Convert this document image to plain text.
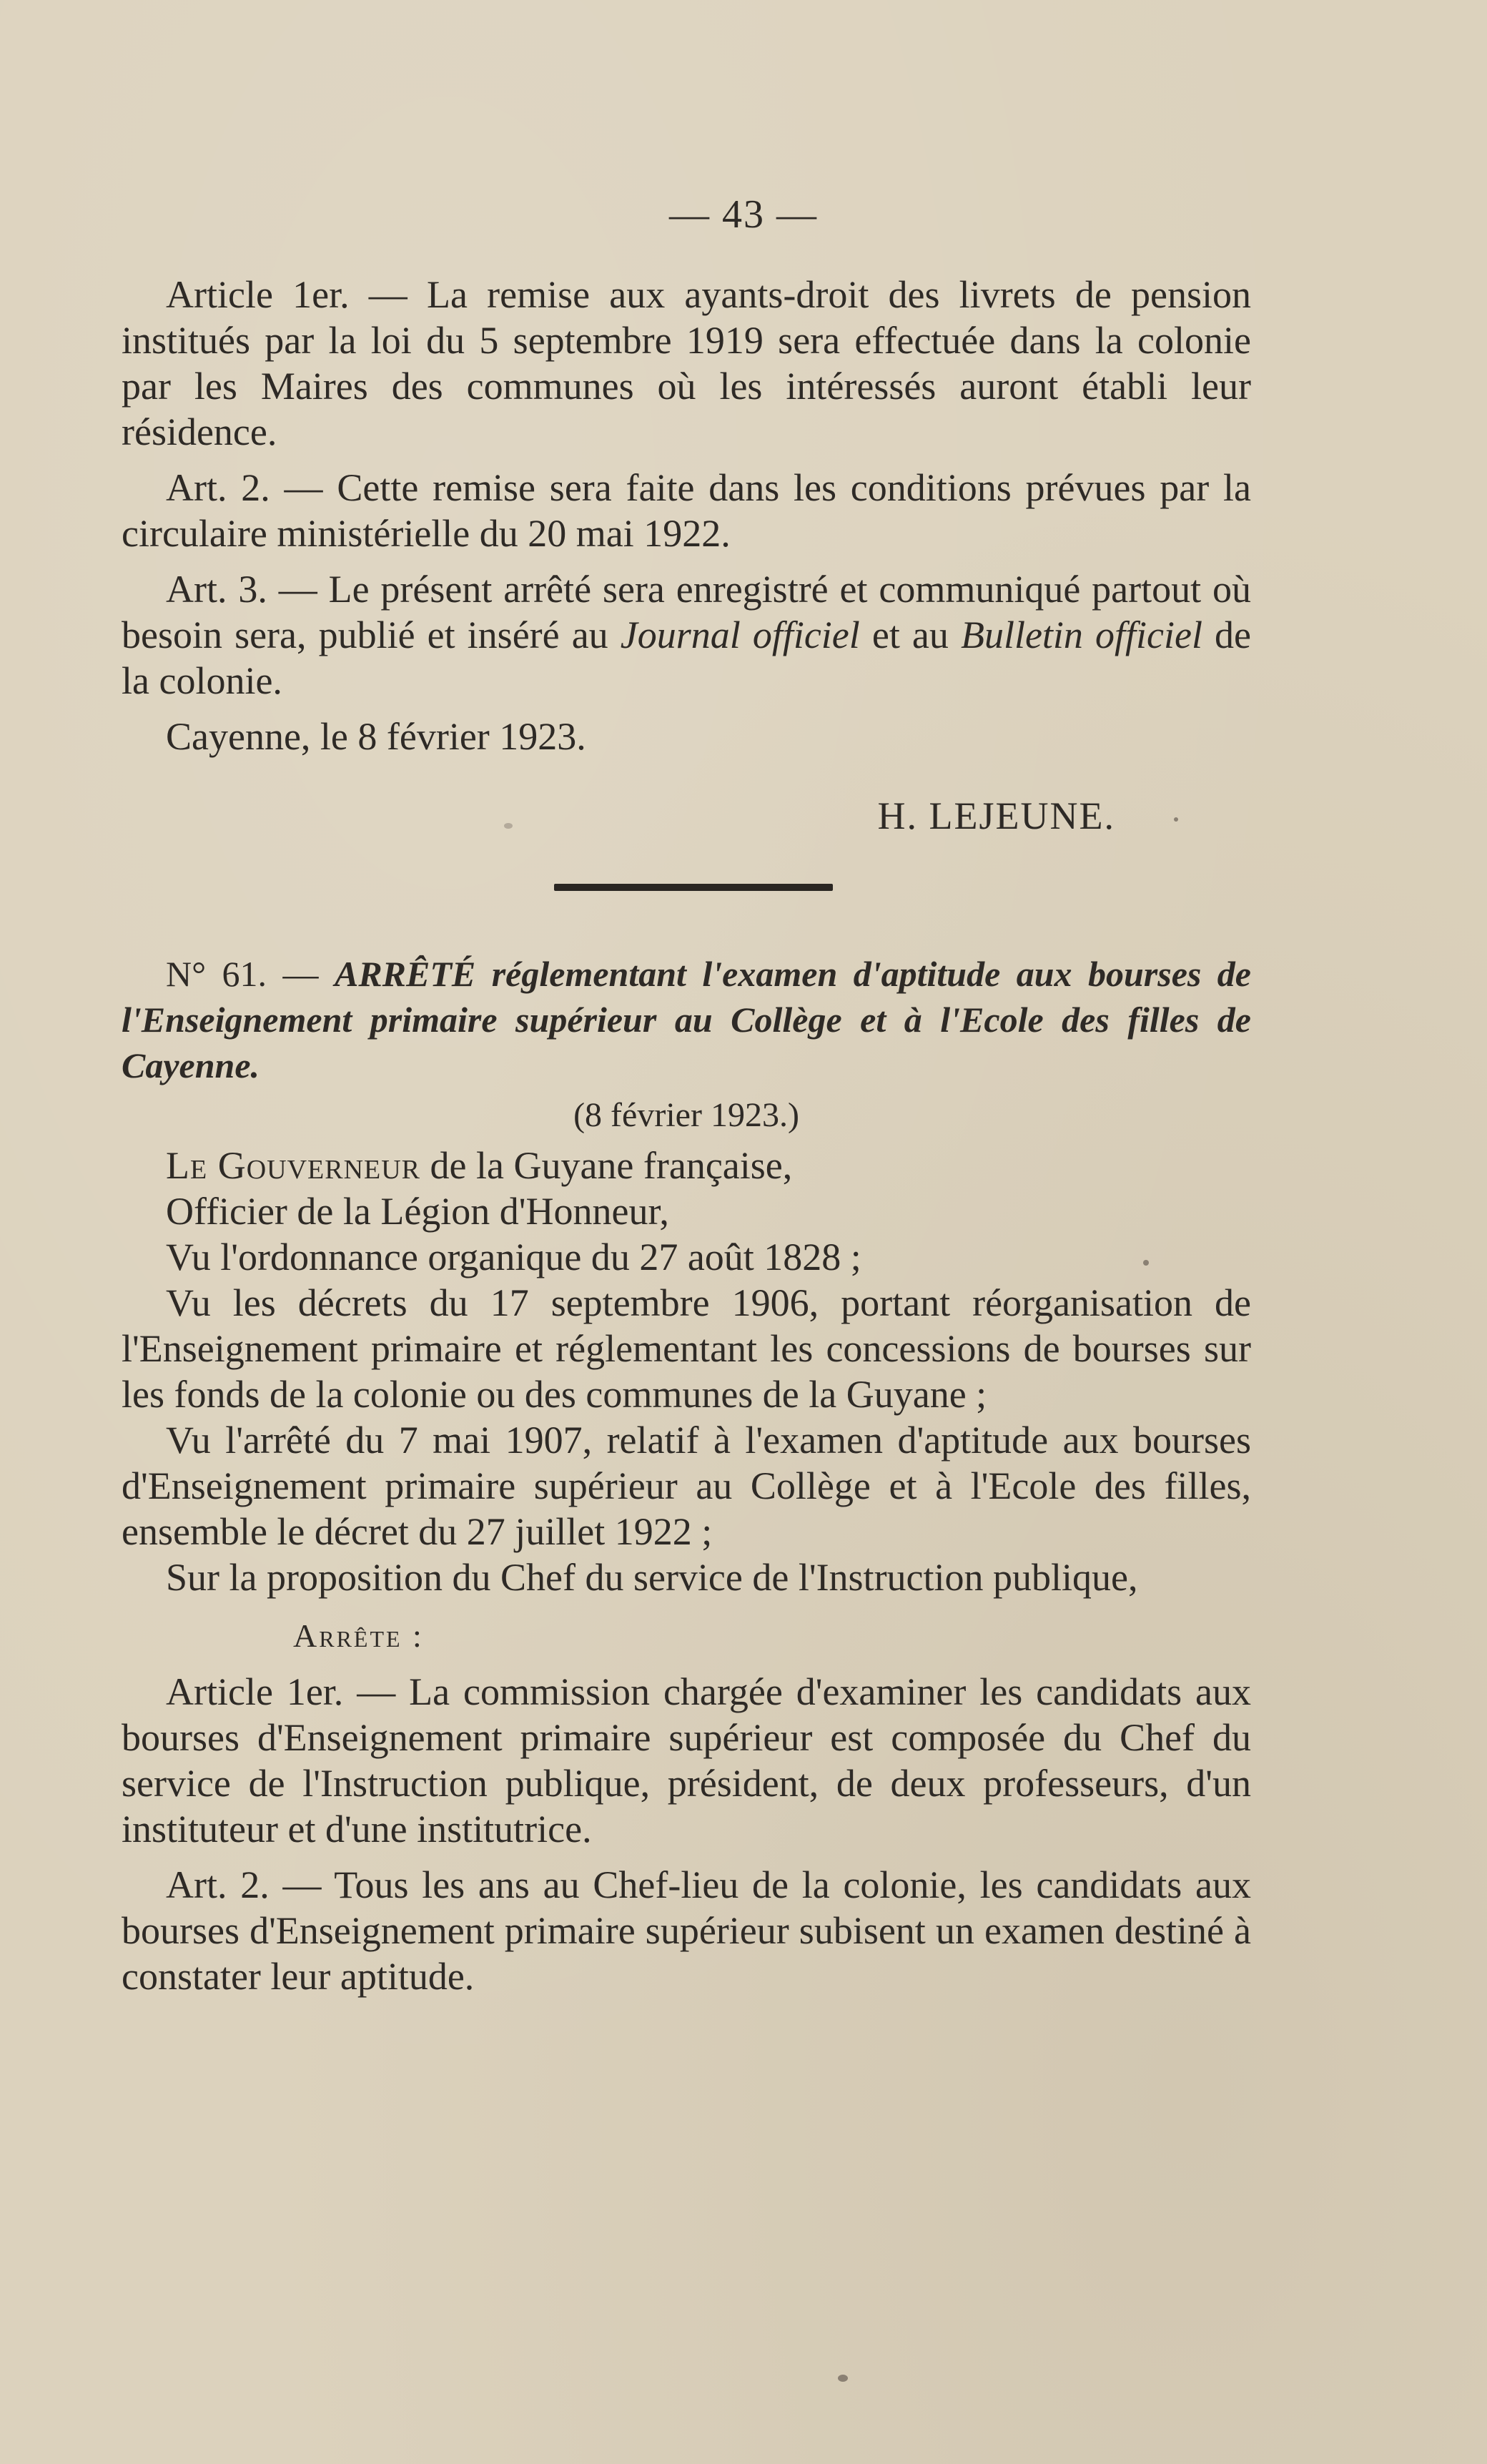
— 43 —

Article 1er. — La remise aux ayants-droit des livrets de pension institués par la loi du 5 septembre 1919 sera effectuée dans la colonie par les Maires des communes où les intéressés auront établi leur résidence.

Art. 2. — Cette remise sera faite dans les conditions prévues par la circulaire ministérielle du 20 mai 1922.

Art. 3. — Le présent arrêté sera enregistré et communiqué partout où besoin sera, publié et inséré au Journal officiel et au Bulletin officiel de la colonie.

Cayenne, le 8 février 1923.

H. LEJEUNE.

N° 61. — ARRÊTÉ réglementant l'examen d'aptitude aux bourses de l'Enseignement primaire supérieur au Collège et à l'Ecole des filles de Cayenne.

(8 février 1923.)

Le Gouverneur de la Guyane française,

Officier de la Légion d'Honneur,

Vu l'ordonnance organique du 27 août 1828 ;

Vu les décrets du 17 septembre 1906, portant réorganisation de l'Enseignement primaire et réglementant les concessions de bourses sur les fonds de la colonie ou des communes de la Guyane ;

Vu l'arrêté du 7 mai 1907, relatif à l'examen d'aptitude aux bourses d'Enseignement primaire supérieur au Collège et à l'Ecole des filles, ensemble le décret du 27 juillet 1922 ;

Sur la proposition du Chef du service de l'Instruction publique,

Arrête :

Article 1er. — La commission chargée d'examiner les candidats aux bourses d'Enseignement primaire supérieur est composée du Chef du service de l'Instruction publique, président, de deux professeurs, d'un instituteur et d'une institutrice.

Art. 2. — Tous les ans au Chef-lieu de la colonie, les candidats aux bourses d'Enseignement primaire supérieur subisent un examen destiné à constater leur aptitude.
